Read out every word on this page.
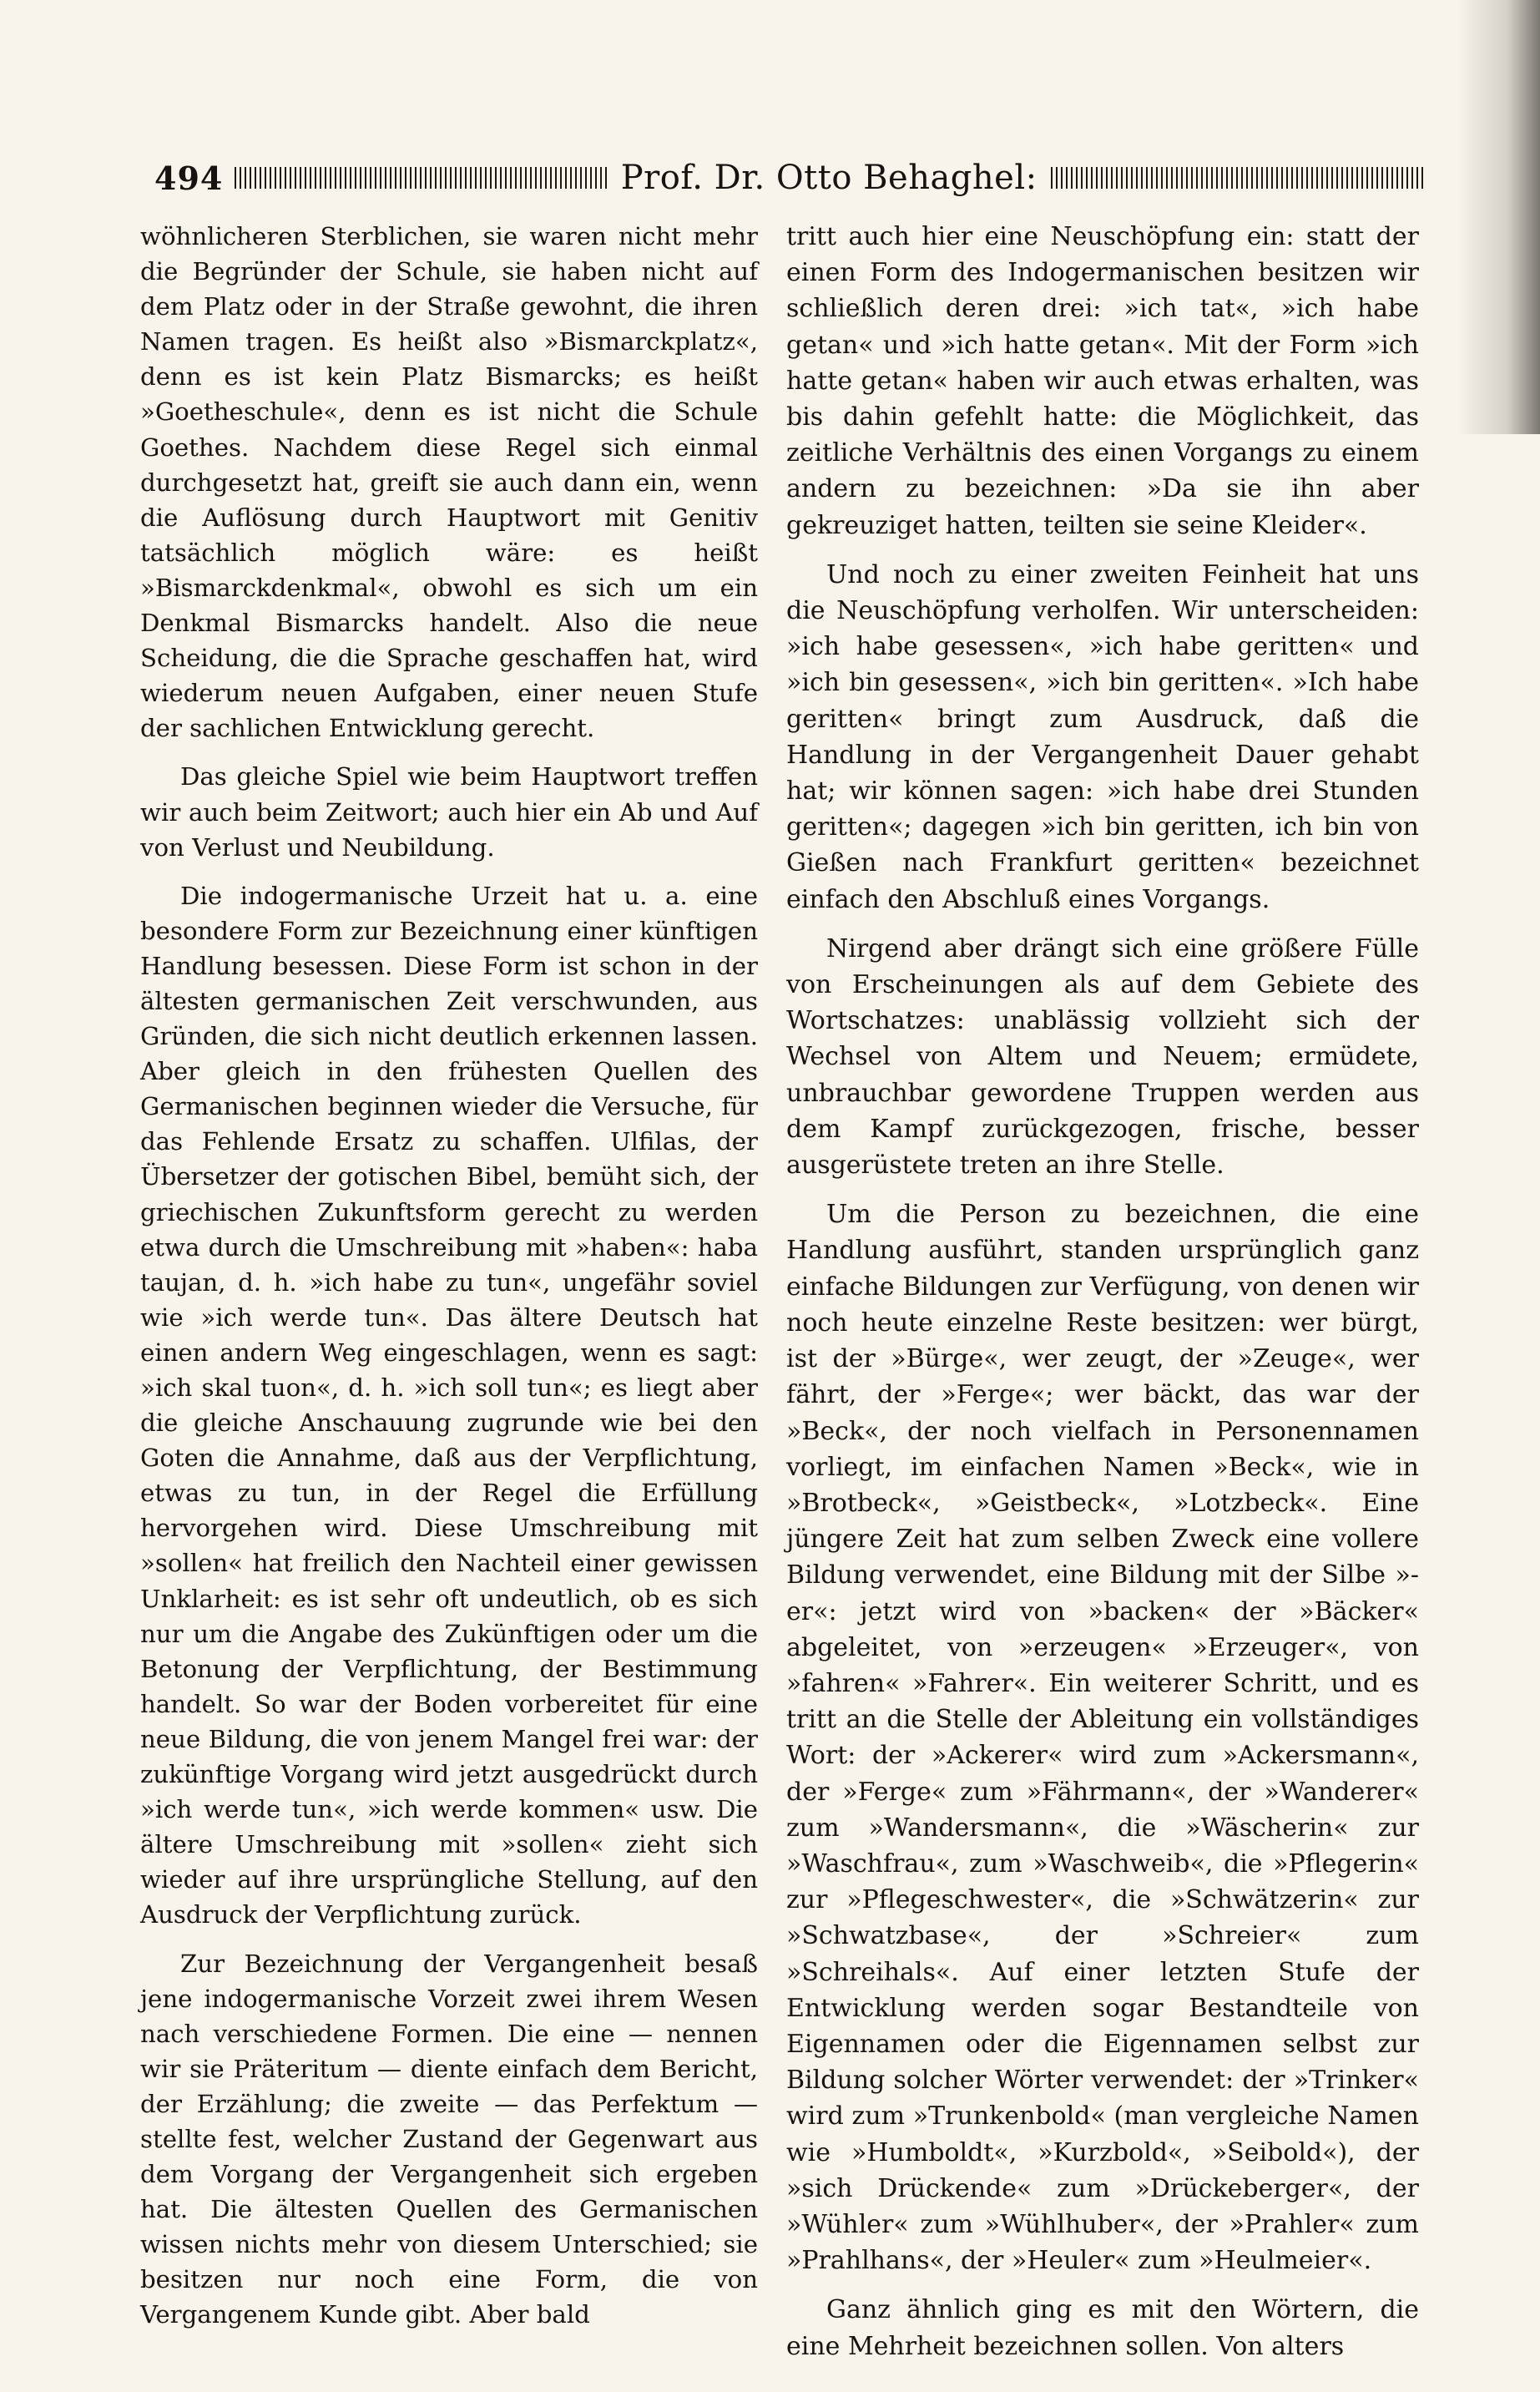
494	Prof. Dr. Otto Behaghel:

wöhnlicheren Sterblichen, sie waren nicht mehr die Begründer der Schule, sie haben nicht auf dem Platz oder in der Straße gewohnt, die ihren Namen tragen. Es heißt also »Bismarckplatz«, denn es ist kein Platz Bismarcks; es heißt »Goetheschule«, denn es ist nicht die Schule Goethes. Nachdem diese Regel sich einmal durchgesetzt hat, greift sie auch dann ein, wenn die Auflösung durch Hauptwort mit Genitiv tatsächlich möglich wäre: es heißt »Bismarckdenkmal«, obwohl es sich um ein Denkmal Bismarcks handelt. Also die neue Scheidung, die die Sprache geschaffen hat, wird wiederum neuen Aufgaben, einer neuen Stufe der sachlichen Entwicklung gerecht.

Das gleiche Spiel wie beim Hauptwort treffen wir auch beim Zeitwort; auch hier ein Ab und Auf von Verlust und Neubildung.

Die indogermanische Urzeit hat u. a. eine besondere Form zur Bezeichnung einer künftigen Handlung besessen. Diese Form ist schon in der ältesten germanischen Zeit verschwunden, aus Gründen, die sich nicht deutlich erkennen lassen. Aber gleich in den frühesten Quellen des Germanischen beginnen wieder die Versuche, für das Fehlende Ersatz zu schaffen. Ulfilas, der Übersetzer der gotischen Bibel, bemüht sich, der griechischen Zukunftsform gerecht zu werden etwa durch die Umschreibung mit »haben«: haba taujan, d. h. »ich habe zu tun«, ungefähr soviel wie »ich werde tun«. Das ältere Deutsch hat einen andern Weg eingeschlagen, wenn es sagt: »ich skal tuon«, d. h. »ich soll tun«; es liegt aber die gleiche Anschauung zugrunde wie bei den Goten die Annahme, daß aus der Verpflichtung, etwas zu tun, in der Regel die Erfüllung hervorgehen wird. Diese Umschreibung mit »sollen« hat freilich den Nachteil einer gewissen Unklarheit: es ist sehr oft undeutlich, ob es sich nur um die Angabe des Zukünftigen oder um die Betonung der Verpflichtung, der Bestimmung handelt. So war der Boden vorbereitet für eine neue Bildung, die von jenem Mangel frei war: der zukünftige Vorgang wird jetzt ausgedrückt durch »ich werde tun«, »ich werde kommen« usw. Die ältere Umschreibung mit »sollen« zieht sich wieder auf ihre ursprüngliche Stellung, auf den Ausdruck der Verpflichtung zurück.

Zur Bezeichnung der Vergangenheit besaß jene indogermanische Vorzeit zwei ihrem Wesen nach verschiedene Formen. Die eine — nennen wir sie Präteritum — diente einfach dem Bericht, der Erzählung; die zweite — das Perfektum — stellte fest, welcher Zustand der Gegenwart aus dem Vorgang der Vergangenheit sich ergeben hat. Die ältesten Quellen des Germanischen wissen nichts mehr von diesem Unterschied; sie besitzen nur noch eine Form, die von Vergangenem Kunde gibt. Aber bald

tritt auch hier eine Neuschöpfung ein: statt der einen Form des Indogermanischen besitzen wir schließlich deren drei: »ich tat«, »ich habe getan« und »ich hatte getan«. Mit der Form »ich hatte getan« haben wir auch etwas erhalten, was bis dahin gefehlt hatte: die Möglichkeit, das zeitliche Verhältnis des einen Vorgangs zu einem andern zu bezeichnen: »Da sie ihn aber gekreuziget hatten, teilten sie seine Kleider«.

Und noch zu einer zweiten Feinheit hat uns die Neuschöpfung verholfen. Wir unterscheiden: »ich habe gesessen«, »ich habe geritten« und »ich bin gesessen«, »ich bin geritten«. »Ich habe geritten« bringt zum Ausdruck, daß die Handlung in der Vergangenheit Dauer gehabt hat; wir können sagen: »ich habe drei Stunden geritten«; dagegen »ich bin geritten, ich bin von Gießen nach Frankfurt geritten« bezeichnet einfach den Abschluß eines Vorgangs.

Nirgend aber drängt sich eine größere Fülle von Erscheinungen als auf dem Gebiete des Wortschatzes: unablässig vollzieht sich der Wechsel von Altem und Neuem; ermüdete, unbrauchbar gewordene Truppen werden aus dem Kampf zurückgezogen, frische, besser ausgerüstete treten an ihre Stelle.

Um die Person zu bezeichnen, die eine Handlung ausführt, standen ursprünglich ganz einfache Bildungen zur Verfügung, von denen wir noch heute einzelne Reste besitzen: wer bürgt, ist der »Bürge«, wer zeugt, der »Zeuge«, wer fährt, der »Ferge«; wer bäckt, das war der »Beck«, der noch vielfach in Personennamen vorliegt, im einfachen Namen »Beck«, wie in »Brotbeck«, »Geistbeck«, »Lotzbeck«. Eine jüngere Zeit hat zum selben Zweck eine vollere Bildung verwendet, eine Bildung mit der Silbe »-er«: jetzt wird von »backen« der »Bäcker« abgeleitet, von »erzeugen« »Erzeuger«, von »fahren« »Fahrer«. Ein weiterer Schritt, und es tritt an die Stelle der Ableitung ein vollständiges Wort: der »Ackerer« wird zum »Ackersmann«, der »Ferge« zum »Fährmann«, der »Wanderer« zum »Wandersmann«, die »Wäscherin« zur »Waschfrau«, zum »Waschweib«, die »Pflegerin« zur »Pflegeschwester«, die »Schwätzerin« zur »Schwatzbase«, der »Schreier« zum »Schreihals«. Auf einer letzten Stufe der Entwicklung werden sogar Bestandteile von Eigennamen oder die Eigennamen selbst zur Bildung solcher Wörter verwendet: der »Trinker« wird zum »Trunkenbold« (man vergleiche Namen wie »Humboldt«, »Kurzbold«, »Seibold«), der »sich Drückende« zum »Drückeberger«, der »Wühler« zum »Wühlhuber«, der »Prahler« zum »Prahlhans«, der »Heuler« zum »Heulmeier«.

Ganz ähnlich ging es mit den Wörtern, die eine Mehrheit bezeichnen sollen. Von alters
